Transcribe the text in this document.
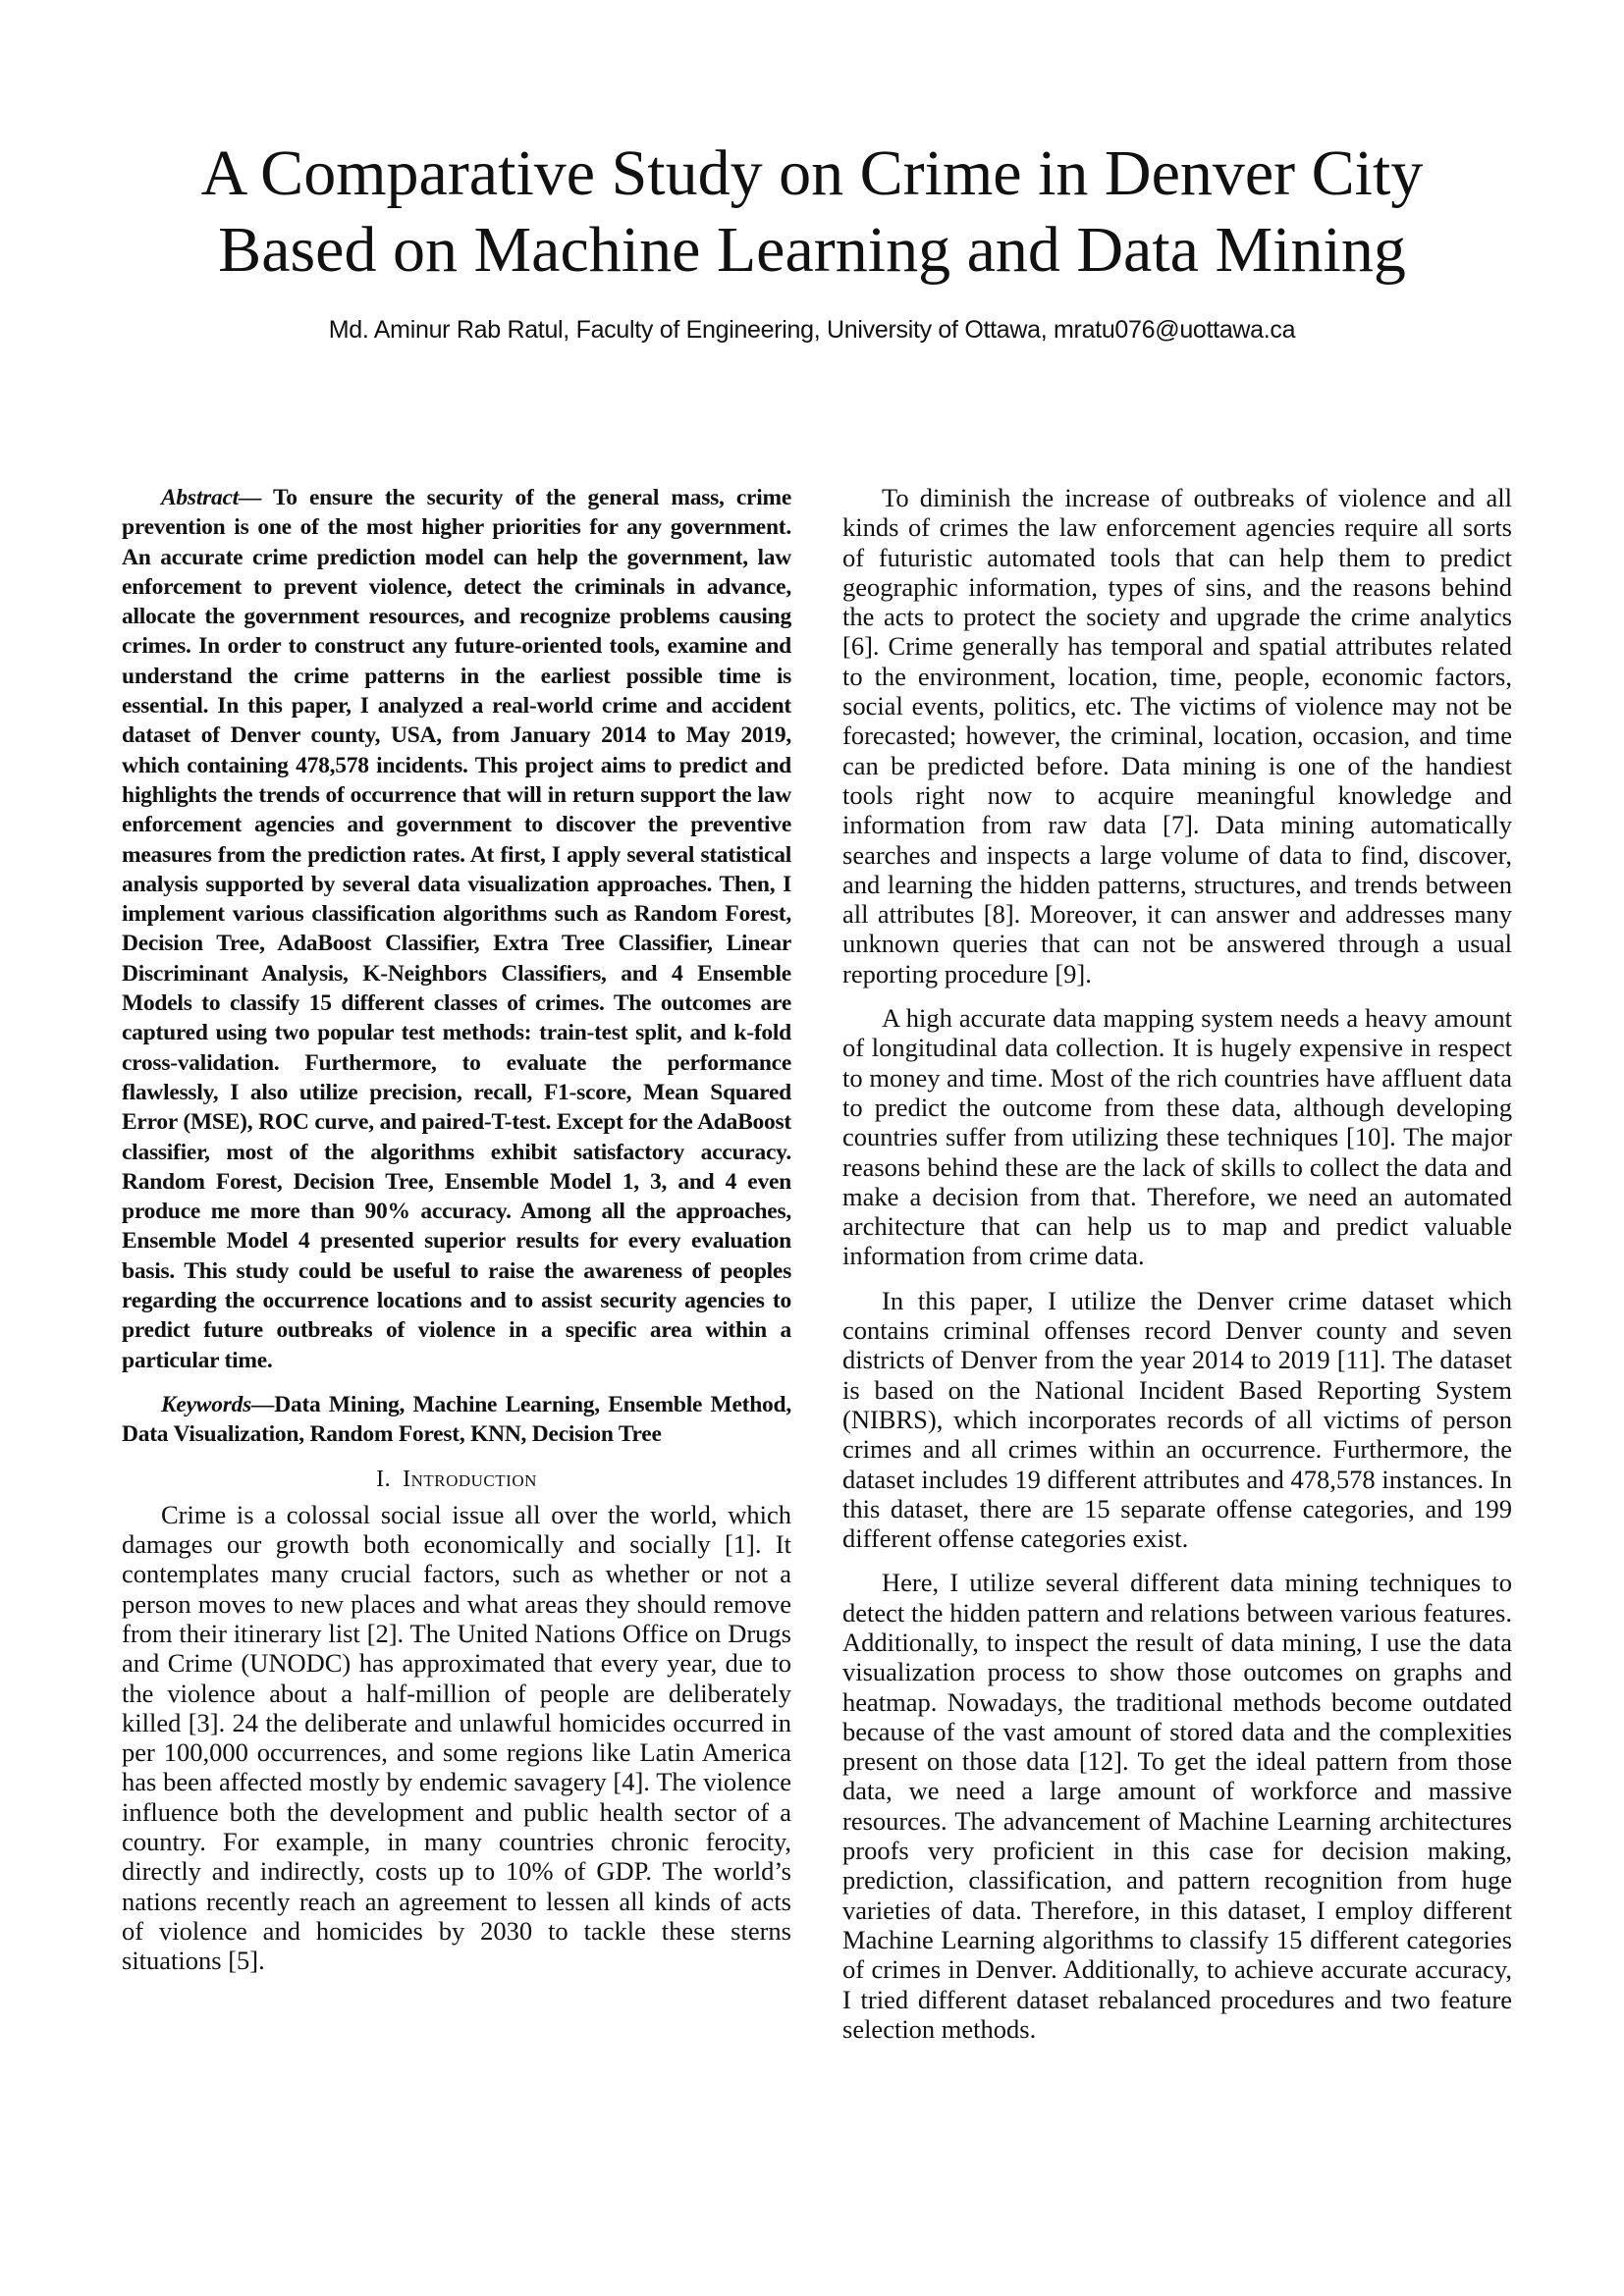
A Comparative Study on Crime in Denver City
Based on Machine Learning and Data Mining
Md. Aminur Rab Ratul, Faculty of Engineering, University of Ottawa, mratu076@uottawa.ca

Abstract— To ensure the security of the general mass, crime prevention is one of the most higher priorities for any government. An accurate crime prediction model can help the government, law enforcement to prevent violence, detect the criminals in advance, allocate the government resources, and recognize problems causing crimes. In order to construct any future-oriented tools, examine and understand the crime patterns in the earliest possible time is essential. In this paper, I analyzed a real-world crime and accident dataset of Denver county, USA, from January 2014 to May 2019, which containing 478,578 incidents. This project aims to predict and highlights the trends of occurrence that will in return support the law enforcement agencies and government to discover the preventive measures from the prediction rates. At first, I apply several statistical analysis supported by several data visualization approaches. Then, I implement various classification algorithms such as Random Forest, Decision Tree, AdaBoost Classifier, Extra Tree Classifier, Linear Discriminant Analysis, K-Neighbors Classifiers, and 4 Ensemble Models to classify 15 different classes of crimes. The outcomes are captured using two popular test methods: train-test split, and k-fold cross-validation. Furthermore, to evaluate the performance flawlessly, I also utilize precision, recall, F1-score, Mean Squared Error (MSE), ROC curve, and paired-T-test. Except for the AdaBoost classifier, most of the algorithms exhibit satisfactory accuracy. Random Forest, Decision Tree, Ensemble Model 1, 3, and 4 even produce me more than 90% accuracy. Among all the approaches, Ensemble Model 4 presented superior results for every evaluation basis. This study could be useful to raise the awareness of peoples regarding the occurrence locations and to assist security agencies to predict future outbreaks of violence in a specific area within a particular time.

Keywords—Data Mining, Machine Learning, Ensemble Method, Data Visualization, Random Forest, KNN, Decision Tree

I. Introduction

Crime is a colossal social issue all over the world, which damages our growth both economically and socially [1]. It contemplates many crucial factors, such as whether or not a person moves to new places and what areas they should remove from their itinerary list [2]. The United Nations Office on Drugs and Crime (UNODC) has approximated that every year, due to the violence about a half-million of people are deliberately killed [3]. 24 the deliberate and unlawful homicides occurred in per 100,000 occurrences, and some regions like Latin America has been affected mostly by endemic savagery [4]. The violence influence both the development and public health sector of a country. For example, in many countries chronic ferocity, directly and indirectly, costs up to 10% of GDP. The world’s nations recently reach an agreement to lessen all kinds of acts of violence and homicides by 2030 to tackle these sterns situations [5].

To diminish the increase of outbreaks of violence and all kinds of crimes the law enforcement agencies require all sorts of futuristic automated tools that can help them to predict geographic information, types of sins, and the reasons behind the acts to protect the society and upgrade the crime analytics [6]. Crime generally has temporal and spatial attributes related to the environment, location, time, people, economic factors, social events, politics, etc. The victims of violence may not be forecasted; however, the criminal, location, occasion, and time can be predicted before. Data mining is one of the handiest tools right now to acquire meaningful knowledge and information from raw data [7]. Data mining automatically searches and inspects a large volume of data to find, discover, and learning the hidden patterns, structures, and trends between all attributes [8]. Moreover, it can answer and addresses many unknown queries that can not be answered through a usual reporting procedure [9].

A high accurate data mapping system needs a heavy amount of longitudinal data collection. It is hugely expensive in respect to money and time. Most of the rich countries have affluent data to predict the outcome from these data, although developing countries suffer from utilizing these techniques [10]. The major reasons behind these are the lack of skills to collect the data and make a decision from that. Therefore, we need an automated architecture that can help us to map and predict valuable information from crime data.

In this paper, I utilize the Denver crime dataset which contains criminal offenses record Denver county and seven districts of Denver from the year 2014 to 2019 [11]. The dataset is based on the National Incident Based Reporting System (NIBRS), which incorporates records of all victims of person crimes and all crimes within an occurrence. Furthermore, the dataset includes 19 different attributes and 478,578 instances. In this dataset, there are 15 separate offense categories, and 199 different offense categories exist.

Here, I utilize several different data mining techniques to detect the hidden pattern and relations between various features. Additionally, to inspect the result of data mining, I use the data visualization process to show those outcomes on graphs and heatmap. Nowadays, the traditional methods become outdated because of the vast amount of stored data and the complexities present on those data [12]. To get the ideal pattern from those data, we need a large amount of workforce and massive resources. The advancement of Machine Learning architectures proofs very proficient in this case for decision making, prediction, classification, and pattern recognition from huge varieties of data. Therefore, in this dataset, I employ different Machine Learning algorithms to classify 15 different categories of crimes in Denver. Additionally, to achieve accurate accuracy, I tried different dataset rebalanced procedures and two feature selection methods.
